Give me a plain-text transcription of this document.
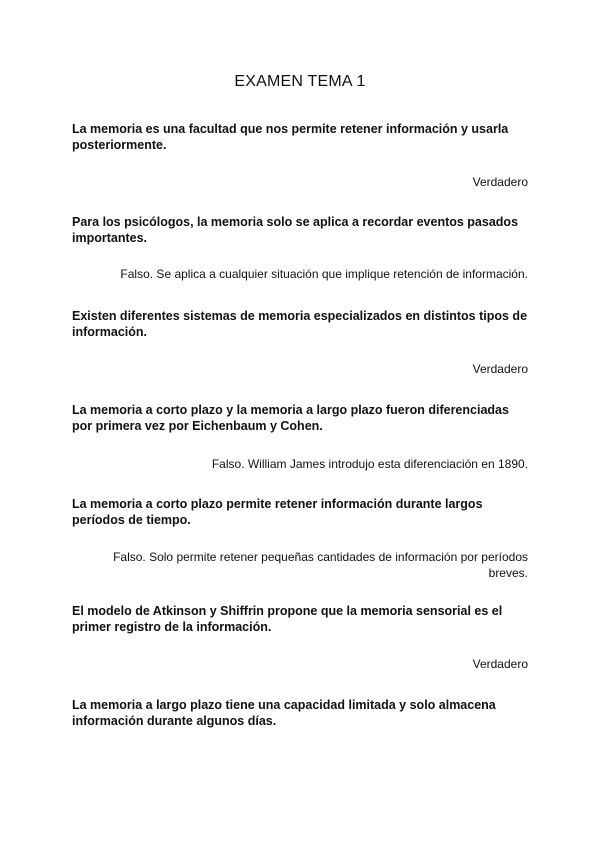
EXAMEN TEMA 1
La memoria es una facultad que nos permite retener información y usarla posteriormente.
Verdadero
Para los psicólogos, la memoria solo se aplica a recordar eventos pasados importantes.
Falso. Se aplica a cualquier situación que implique retención de información.
Existen diferentes sistemas de memoria especializados en distintos tipos de información.
Verdadero
La memoria a corto plazo y la memoria a largo plazo fueron diferenciadas por primera vez por Eichenbaum y Cohen.
Falso. William James introdujo esta diferenciación en 1890.
La memoria a corto plazo permite retener información durante largos períodos de tiempo.
Falso. Solo permite retener pequeñas cantidades de información por períodos breves.
El modelo de Atkinson y Shiffrin propone que la memoria sensorial es el primer registro de la información.
Verdadero
La memoria a largo plazo tiene una capacidad limitada y solo almacena información durante algunos días.
